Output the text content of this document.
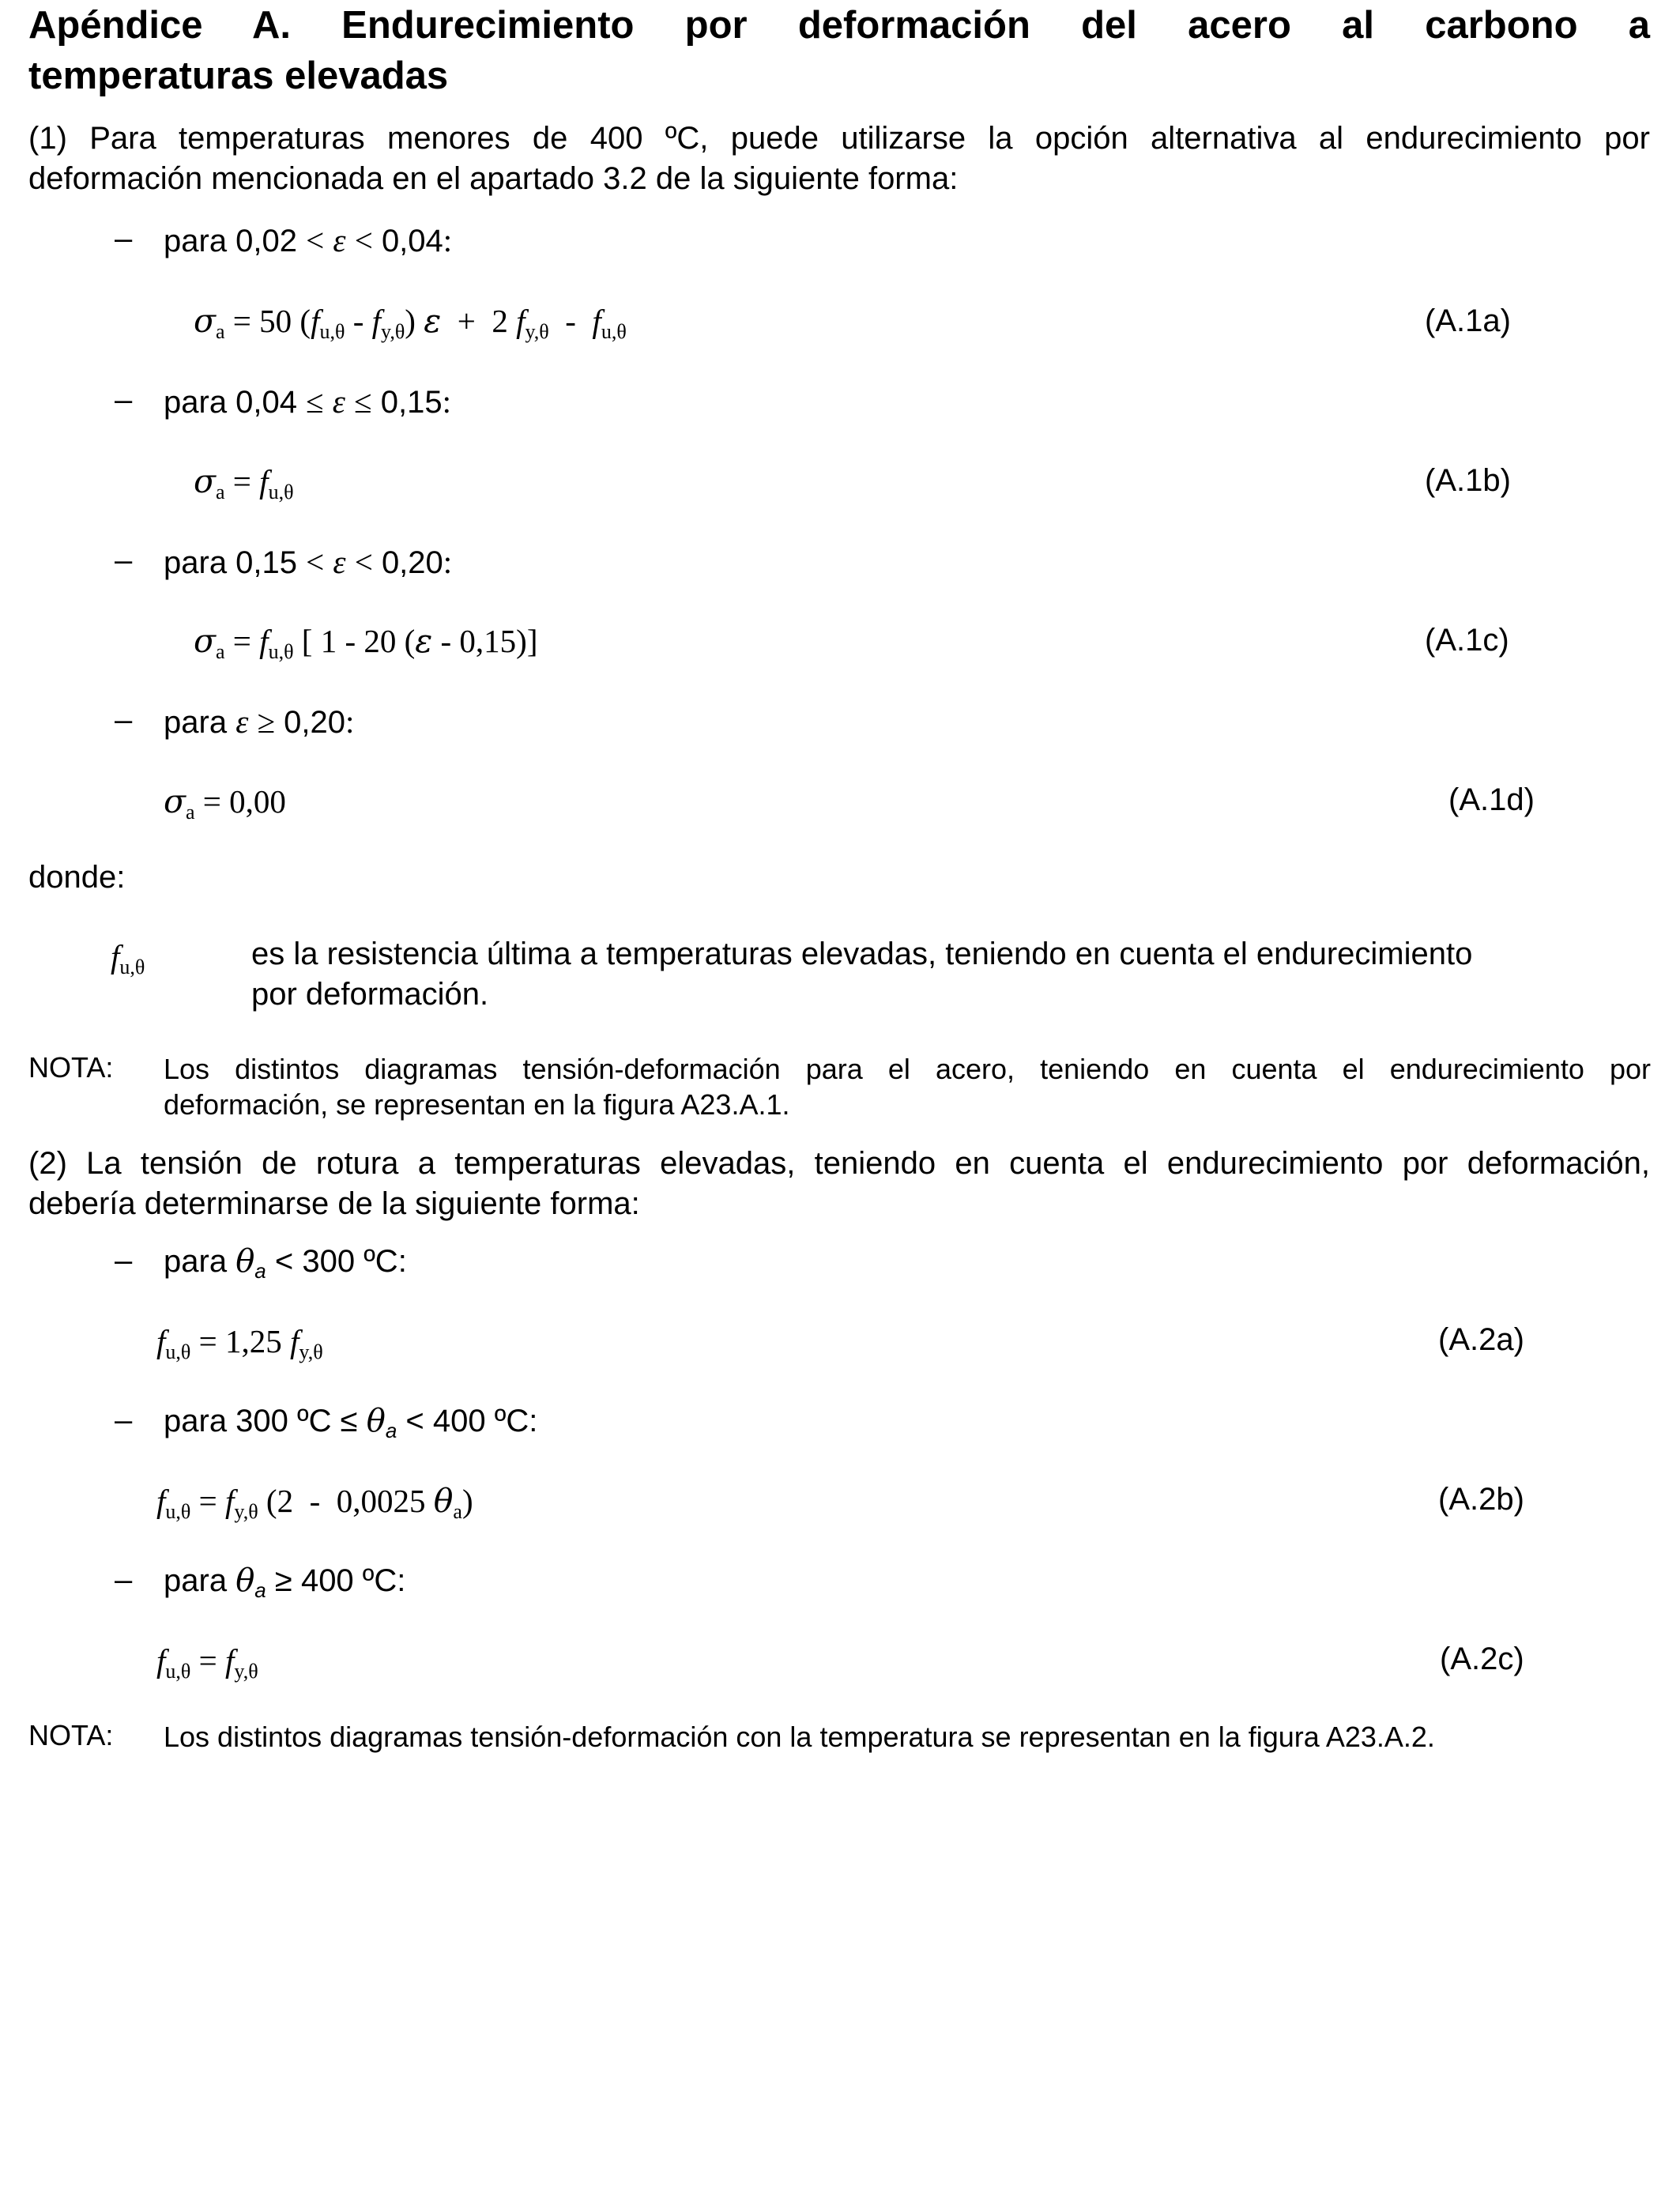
Apéndice A. Endurecimiento por deformación del acero al carbono a
temperaturas elevadas
(1) Para temperaturas menores de 400 ºC, puede utilizarse la opción alternativa al endurecimiento por
deformación mencionada en el apartado 3.2 de la siguiente forma:
– para 0,02 < ε < 0,04:
$\sigma_a = 50$ $(f_{u,\theta} - f_{y,\theta}) \varepsilon + 2$ $f_{y,\theta} - f_{u,\theta}$	(A.1a)
– para 0,04 ≤ ε ≤ 0,15:
$\sigma_a = f_{u,\theta}$	(A.1b)
– para 0,15 < ε < 0,20:
$\sigma_a = f_{u,\theta}$ [ 1 - 20 (ε - 0,15)]	(A.1c)
– para ε ≥ 0,20:
$\sigma_a = 0,00$	(A.1d)
donde:
$f_{u,\theta}$	es la resistencia última a temperaturas elevadas, teniendo en cuenta el endurecimiento
por deformación.
NOTA: Los distintos diagramas tensión-deformación para el acero, teniendo en cuenta el endurecimiento por
deformación, se representan en la figura A23.A.1.
(2) La tensión de rotura a temperaturas elevadas, teniendo en cuenta el endurecimiento por deformación,
debería determinarse de la siguiente forma:
– para $\theta_a < 300$ ºC:
$f_{u,\theta} = 1,25$ $f_{y,\theta}$	(A.2a)
– para 300 ºC ≤ $\theta_a < 400$ ºC:
$f_{u,\theta} = f_{y,\theta}$ (2  -  0,0025 $\theta_a$)	(A.2b)
– para $\theta_a \ge 400$ ºC:
$f_{u,\theta} = f_{y,\theta}$	(A.2c)
NOTA: Los distintos diagramas tensión-deformación con la temperatura se representan en la figura A23.A.2.
